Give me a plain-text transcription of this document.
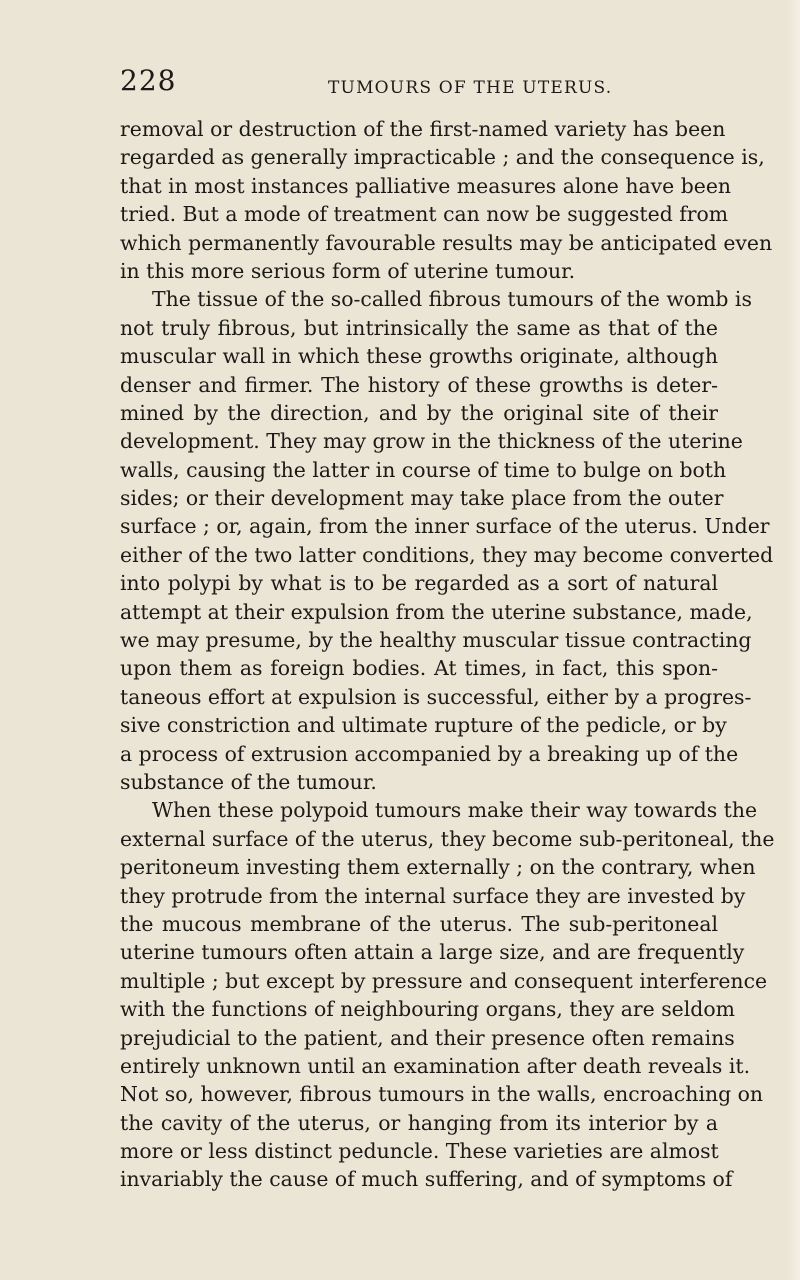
228	TUMOURS OF THE UTERUS.
removal or destruction of the first-named variety has been
regarded as generally impracticable ; and the consequence is,
that in most instances palliative measures alone have been
tried. But a mode of treatment can now be suggested from
which permanently favourable results may be anticipated even
in this more serious form of uterine tumour.
The tissue of the so-called fibrous tumours of the womb is
not truly fibrous, but intrinsically the same as that of the
muscular wall in which these growths originate, although
denser and firmer. The history of these growths is deter-
mined by the direction, and by the original site of their
development. They may grow in the thickness of the uterine
walls, causing the latter in course of time to bulge on both
sides; or their development may take place from the outer
surface ; or, again, from the inner surface of the uterus. Under
either of the two latter conditions, they may become converted
into polypi by what is to be regarded as a sort of natural
attempt at their expulsion from the uterine substance, made,
we may presume, by the healthy muscular tissue contracting
upon them as foreign bodies. At times, in fact, this spon-
taneous effort at expulsion is successful, either by a progres-
sive constriction and ultimate rupture of the pedicle, or by
a process of extrusion accompanied by a breaking up of the
substance of the tumour.
When these polypoid tumours make their way towards the
external surface of the uterus, they become sub-peritoneal, the
peritoneum investing them externally ; on the contrary, when
they protrude from the internal surface they are invested by
the mucous membrane of the uterus. The sub-peritoneal
uterine tumours often attain a large size, and are frequently
multiple ; but except by pressure and consequent interference
with the functions of neighbouring organs, they are seldom
prejudicial to the patient, and their presence often remains
entirely unknown until an examination after death reveals it.
Not so, however, fibrous tumours in the walls, encroaching on
the cavity of the uterus, or hanging from its interior by a
more or less distinct peduncle. These varieties are almost
invariably the cause of much suffering, and of symptoms of
